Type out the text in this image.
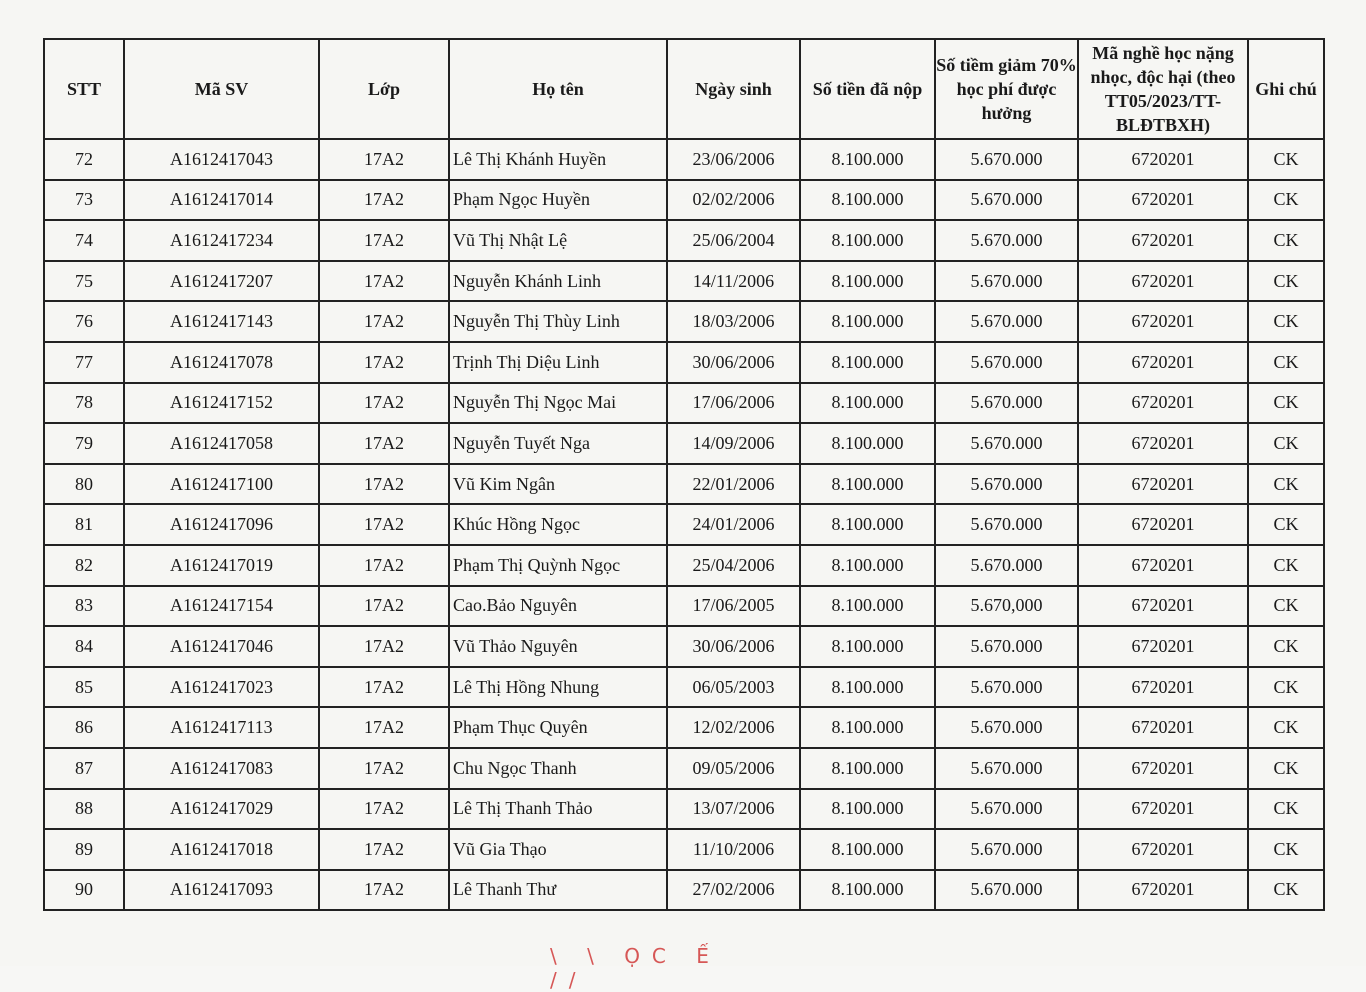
STT	Mã SV	Lớp	Họ tên	Ngày sinh	Số tiền đã nộp	Số tiềm giảm 70% học phí được hưởng	Mã nghề học nặng nhọc, độc hại (theo TT05/2023/TT-BLĐTBXH)	Ghi chú
72	A1612417043	17A2	Lê Thị Khánh Huyền	23/06/2006	8.100.000	5.670.000	6720201	CK
73	A1612417014	17A2	Phạm Ngọc Huyền	02/02/2006	8.100.000	5.670.000	6720201	CK
74	A1612417234	17A2	Vũ Thị Nhật Lệ	25/06/2004	8.100.000	5.670.000	6720201	CK
75	A1612417207	17A2	Nguyễn Khánh Linh	14/11/2006	8.100.000	5.670.000	6720201	CK
76	A1612417143	17A2	Nguyễn Thị Thùy Linh	18/03/2006	8.100.000	5.670.000	6720201	CK
77	A1612417078	17A2	Trịnh Thị Diệu Linh	30/06/2006	8.100.000	5.670.000	6720201	CK
78	A1612417152	17A2	Nguyễn Thị Ngọc Mai	17/06/2006	8.100.000	5.670.000	6720201	CK
79	A1612417058	17A2	Nguyễn Tuyết Nga	14/09/2006	8.100.000	5.670.000	6720201	CK
80	A1612417100	17A2	Vũ Kim Ngân	22/01/2006	8.100.000	5.670.000	6720201	CK
81	A1612417096	17A2	Khúc Hồng Ngọc	24/01/2006	8.100.000	5.670.000	6720201	CK
82	A1612417019	17A2	Phạm Thị Quỳnh Ngọc	25/04/2006	8.100.000	5.670.000	6720201	CK
83	A1612417154	17A2	Cao.Bảo Nguyên	17/06/2005	8.100.000	5.670,000	6720201	CK
84	A1612417046	17A2	Vũ Thảo Nguyên	30/06/2006	8.100.000	5.670.000	6720201	CK
85	A1612417023	17A2	Lê Thị Hồng Nhung	06/05/2003	8.100.000	5.670.000	6720201	CK
86	A1612417113	17A2	Phạm Thục Quyên	12/02/2006	8.100.000	5.670.000	6720201	CK
87	A1612417083	17A2	Chu Ngọc Thanh	09/05/2006	8.100.000	5.670.000	6720201	CK
88	A1612417029	17A2	Lê Thị Thanh Thảo	13/07/2006	8.100.000	5.670.000	6720201	CK
89	A1612417018	17A2	Vũ Gia Thạo	11/10/2006	8.100.000	5.670.000	6720201	CK
90	A1612417093	17A2	Lê Thanh Thư	27/02/2006	8.100.000	5.670.000	6720201	CK
\ \ ỌC Ế //
